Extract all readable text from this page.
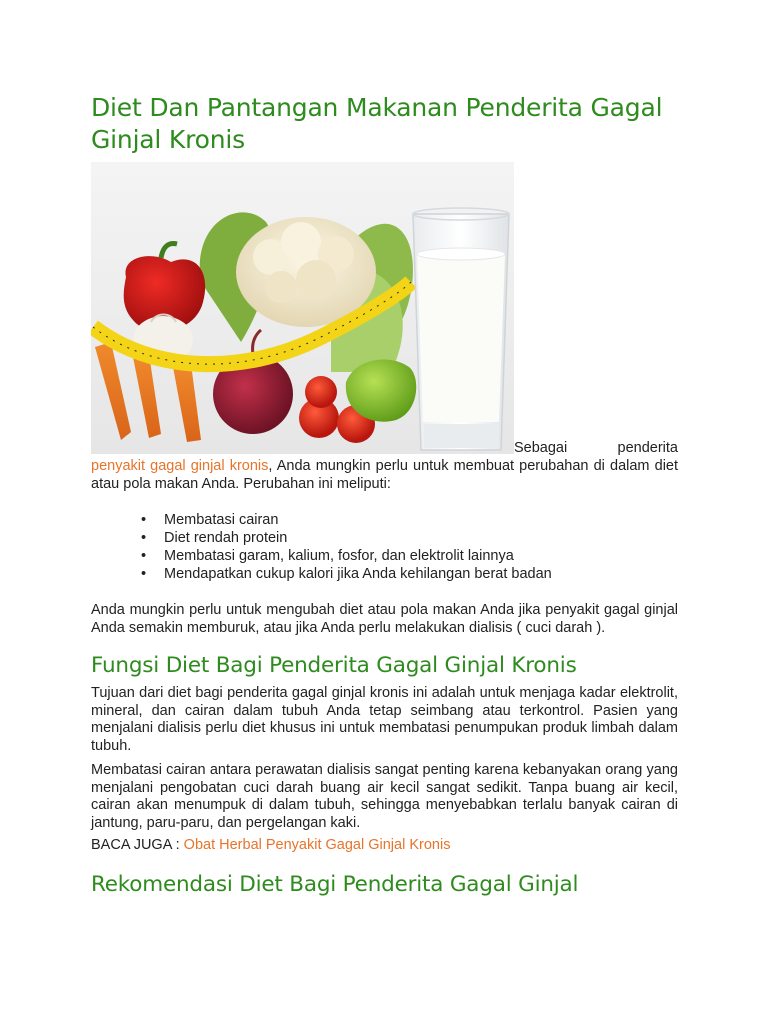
Diet Dan Pantangan Makanan Penderita Gagal Ginjal Kronis

Sebagai penderita

penyakit gagal ginjal kronis, Anda mungkin perlu untuk membuat perubahan di dalam diet atau pola makan Anda. Perubahan ini meliputi:

• Membatasi cairan
• Diet rendah protein
• Membatasi garam, kalium, fosfor, dan elektrolit lainnya
• Mendapatkan cukup kalori jika Anda kehilangan berat badan

Anda mungkin perlu untuk mengubah diet atau pola makan Anda jika penyakit gagal ginjal Anda semakin memburuk, atau jika Anda perlu melakukan dialisis ( cuci darah ).

Fungsi Diet Bagi Penderita Gagal Ginjal Kronis

Tujuan dari diet bagi penderita gagal ginjal kronis ini adalah untuk menjaga kadar elektrolit, mineral, dan cairan dalam tubuh Anda tetap seimbang atau terkontrol. Pasien yang menjalani dialisis perlu diet khusus ini untuk membatasi penumpukan produk limbah dalam tubuh.

Membatasi cairan antara perawatan dialisis sangat penting karena kebanyakan orang yang menjalani pengobatan cuci darah buang air kecil sangat sedikit. Tanpa buang air kecil, cairan akan menumpuk di dalam tubuh, sehingga menyebabkan terlalu banyak cairan di jantung, paru-paru, dan pergelangan kaki.

BACA JUGA : Obat Herbal Penyakit Gagal Ginjal Kronis

Rekomendasi Diet Bagi Penderita Gagal Ginjal
